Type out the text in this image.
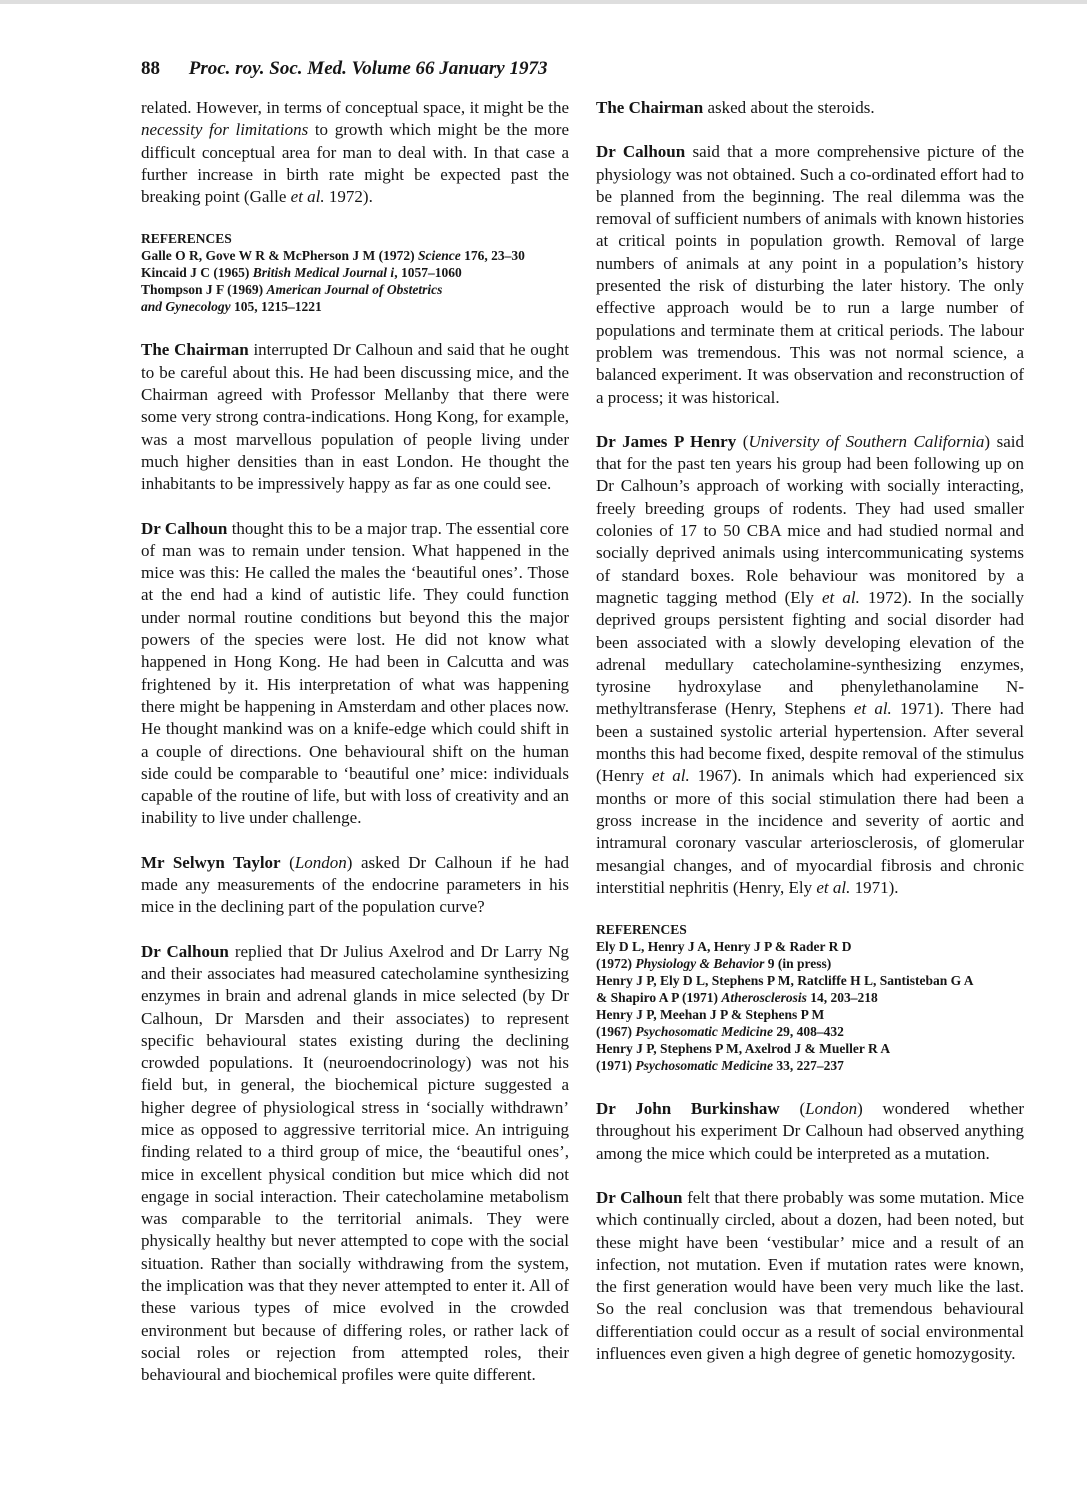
88 Proc. roy. Soc. Med. Volume 66 January 1973
related. However, in terms of conceptual space, it might be the necessity for limitations to growth which might be the more difficult conceptual area for man to deal with. In that case a further increase in birth rate might be expected past the breaking point (Galle et al. 1972).
REFERENCES
Galle O R, Gove W R & McPherson J M (1972) Science 176, 23–30
Kincaid J C (1965) British Medical Journal i, 1057–1060
Thompson J F (1969) American Journal of Obstetrics
and Gynecology 105, 1215–1221
The Chairman interrupted Dr Calhoun and said that he ought to be careful about this. He had been discussing mice, and the Chairman agreed with Professor Mellanby that there were some very strong contra-indications. Hong Kong, for example, was a most marvellous population of people living under much higher densities than in east London. He thought the inhabitants to be impressively happy as far as one could see.
Dr Calhoun thought this to be a major trap. The essential core of man was to remain under tension. What happened in the mice was this: He called the males the ‘beautiful ones’. Those at the end had a kind of autistic life. They could function under normal routine conditions but beyond this the major powers of the species were lost. He did not know what happened in Hong Kong. He had been in Calcutta and was frightened by it. His interpretation of what was happening there might be happening in Amsterdam and other places now. He thought mankind was on a knife-edge which could shift in a couple of directions. One behavioural shift on the human side could be comparable to ‘beautiful one’ mice: individuals capable of the routine of life, but with loss of creativity and an inability to live under challenge.
Mr Selwyn Taylor (London) asked Dr Calhoun if he had made any measurements of the endocrine parameters in his mice in the declining part of the population curve?
Dr Calhoun replied that Dr Julius Axelrod and Dr Larry Ng and their associates had measured catecholamine synthesizing enzymes in brain and adrenal glands in mice selected (by Dr Calhoun, Dr Marsden and their associates) to represent specific behavioural states existing during the declining crowded populations. It (neuroendocrinology) was not his field but, in general, the biochemical picture suggested a higher degree of physiological stress in ‘socially withdrawn’ mice as opposed to aggressive territorial mice. An intriguing finding related to a third group of mice, the ‘beautiful ones’, mice in excellent physical condition but mice which did not engage in social interaction. Their catecholamine metabolism was comparable to the territorial animals. They were physically healthy but never attempted to cope with the social situation. Rather than socially withdrawing from the system, the implication was that they never attempted to enter it. All of these various types of mice evolved in the crowded environment but because of differing roles, or rather lack of social roles or rejection from attempted roles, their behavioural and biochemical profiles were quite different.
The Chairman asked about the steroids.
Dr Calhoun said that a more comprehensive picture of the physiology was not obtained. Such a co-ordinated effort had to be planned from the beginning. The real dilemma was the removal of sufficient numbers of animals with known histories at critical points in population growth. Removal of large numbers of animals at any point in a population’s history presented the risk of disturbing the later history. The only effective approach would be to run a large number of populations and terminate them at critical periods. The labour problem was tremendous. This was not normal science, a balanced experiment. It was observation and reconstruction of a process; it was historical.
Dr James P Henry (University of Southern California) said that for the past ten years his group had been following up on Dr Calhoun’s approach of working with socially interacting, freely breeding groups of rodents. They had used smaller colonies of 17 to 50 CBA mice and had studied normal and socially deprived animals using intercommunicating systems of standard boxes. Role behaviour was monitored by a magnetic tagging method (Ely et al. 1972). In the socially deprived groups persistent fighting and social disorder had been associated with a slowly developing elevation of the adrenal medullary catecholamine-synthesizing enzymes, tyrosine hydroxylase and phenylethanolamine N-methyltransferase (Henry, Stephens et al. 1971). There had been a sustained systolic arterial hypertension. After several months this had become fixed, despite removal of the stimulus (Henry et al. 1967). In animals which had experienced six months or more of this social stimulation there had been a gross increase in the incidence and severity of aortic and intramural coronary vascular arteriosclerosis, of glomerular mesangial changes, and of myocardial fibrosis and chronic interstitial nephritis (Henry, Ely et al. 1971).
REFERENCES
Ely D L, Henry J A, Henry J P & Rader R D
(1972) Physiology & Behavior 9 (in press)
Henry J P, Ely D L, Stephens P M, Ratcliffe H L, Santisteban G A
& Shapiro A P (1971) Atherosclerosis 14, 203–218
Henry J P, Meehan J P & Stephens P M
(1967) Psychosomatic Medicine 29, 408–432
Henry J P, Stephens P M, Axelrod J & Mueller R A
(1971) Psychosomatic Medicine 33, 227–237
Dr John Burkinshaw (London) wondered whether throughout his experiment Dr Calhoun had observed anything among the mice which could be interpreted as a mutation.
Dr Calhoun felt that there probably was some mutation. Mice which continually circled, about a dozen, had been noted, but these might have been ‘vestibular’ mice and a result of an infection, not mutation. Even if mutation rates were known, the first generation would have been very much like the last. So the real conclusion was that tremendous behavioural differentiation could occur as a result of social environmental influences even given a high degree of genetic homozygosity.
